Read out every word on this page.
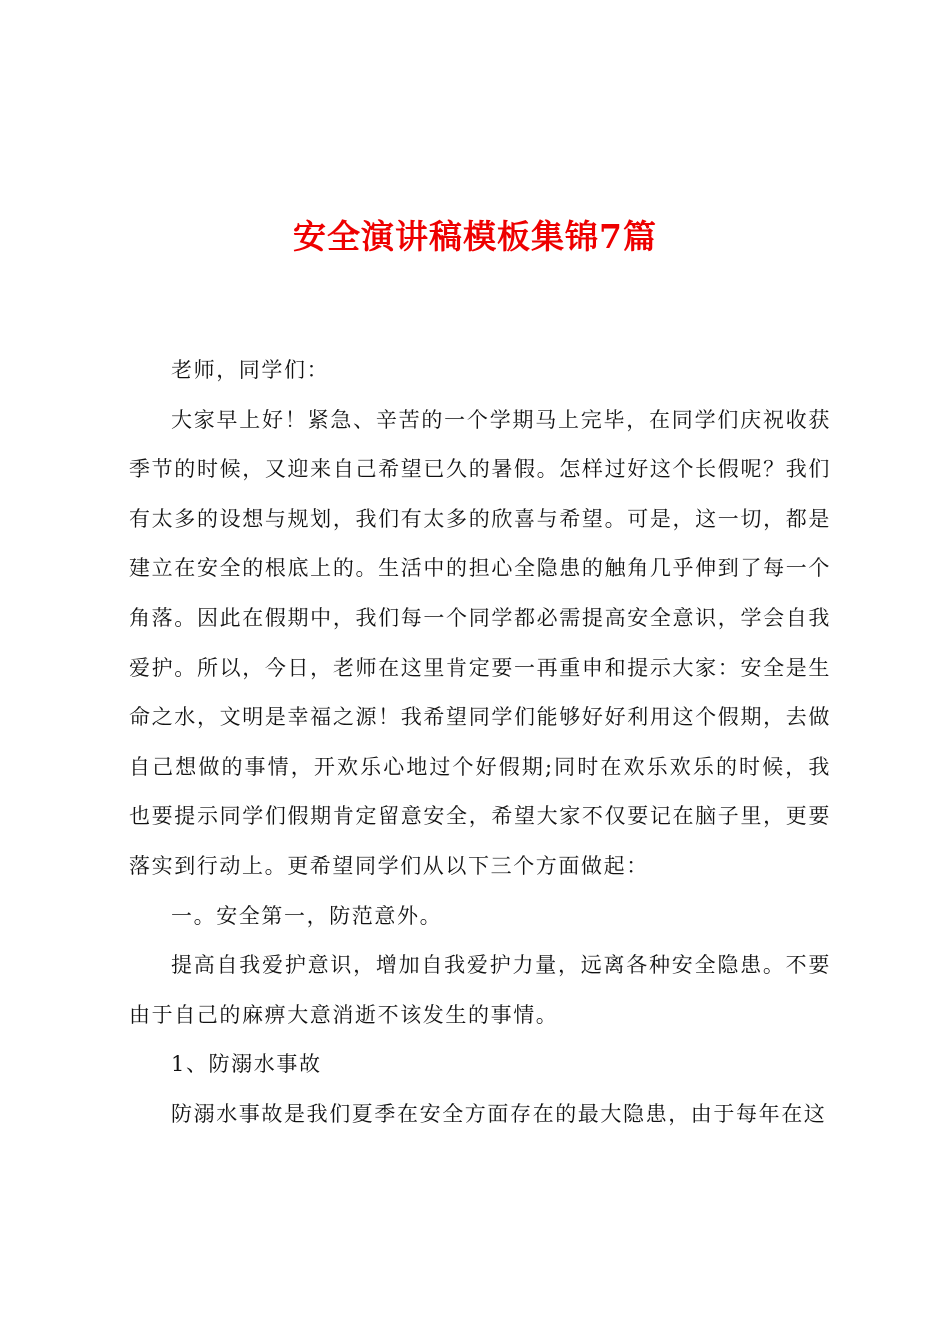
安全演讲稿模板集锦7篇

老师，同学们：

大家早上好！紧急、辛苦的一个学期马上完毕，在同学们庆祝收获季节的时候，又迎来自己希望已久的暑假。怎样过好这个长假呢？我们有太多的设想与规划，我们有太多的欣喜与希望。可是，这一切，都是建立在安全的根底上的。生活中的担心全隐患的触角几乎伸到了每一个角落。因此在假期中，我们每一个同学都必需提高安全意识，学会自我爱护。所以，今日，老师在这里肯定要一再重申和提示大家：安全是生命之水，文明是幸福之源！我希望同学们能够好好利用这个假期，去做自己想做的事情，开欢乐心地过个好假期;同时在欢乐欢乐的时候，我也要提示同学们假期肯定留意安全，希望大家不仅要记在脑子里，更要落实到行动上。更希望同学们从以下三个方面做起：

一。安全第一，防范意外。

提高自我爱护意识，增加自我爱护力量，远离各种安全隐患。不要由于自己的麻痹大意消逝不该发生的事情。

1、防溺水事故

防溺水事故是我们夏季在安全方面存在的最大隐患，由于每年在这
